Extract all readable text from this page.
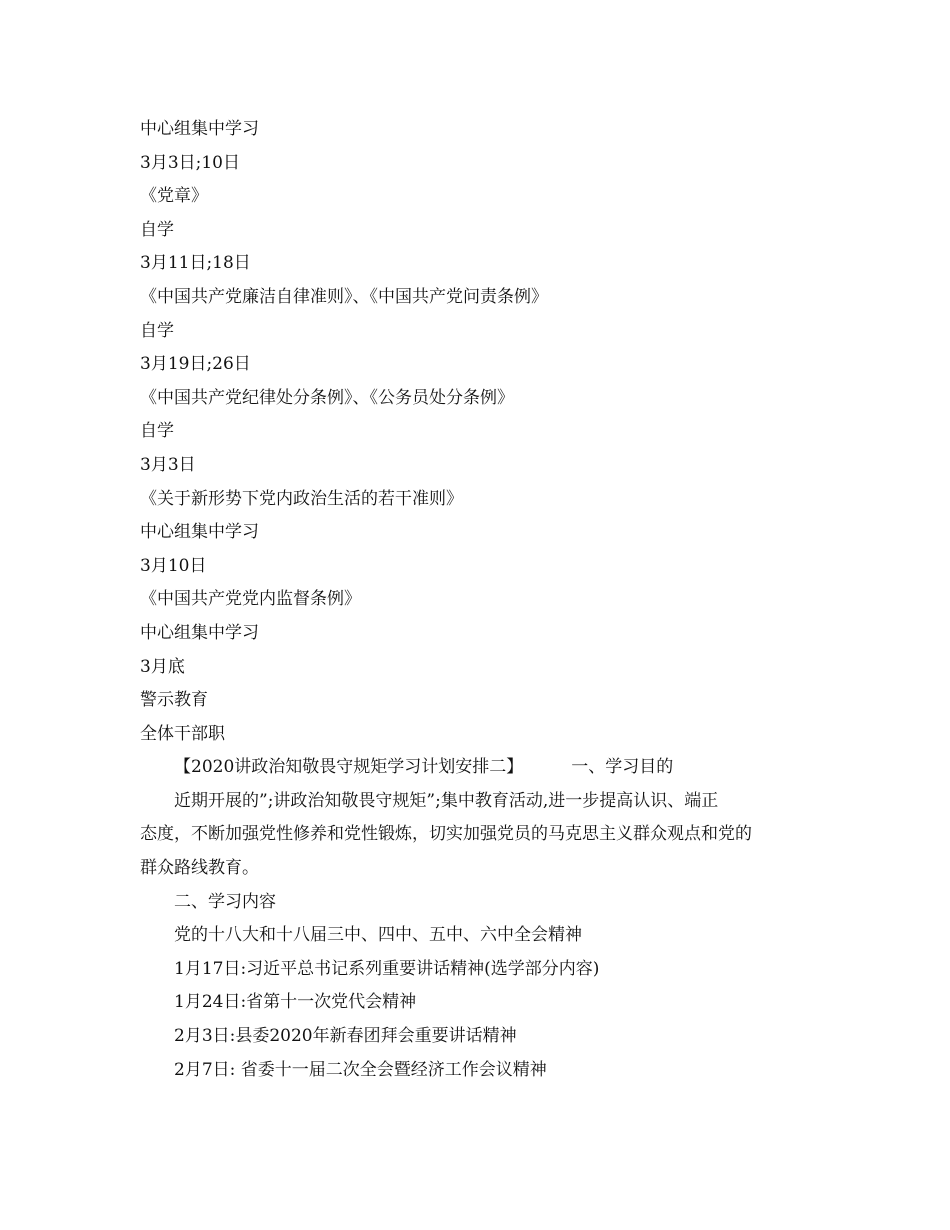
中心组集中学习
3月3日;10日
《党章》
自学
3月11日;18日
《中国共产党廉洁自律准则》、《中国共产党问责条例》
自学
3月19日;26日
《中国共产党纪律处分条例》、《公务员处分条例》
自学
3月3日
《关于新形势下党内政治生活的若干准则》
中心组集中学习
3月10日
《中国共产党党内监督条例》
中心组集中学习
3月底
警示教育
全体干部职
【2020讲政治知敬畏守规矩学习计划安排二】	一、学习目的
近期开展的”;讲政治知敬畏守规矩”;集中教育活动,进一步提高认识、端正
态度，不断加强党性修养和党性锻炼，切实加强党员的马克思主义群众观点和党的
群众路线教育。
二、学习内容
党的十八大和十八届三中、四中、五中、六中全会精神
1月17日:习近平总书记系列重要讲话精神(选学部分内容)
1月24日:省第十一次党代会精神
2月3日:县委2020年新春团拜会重要讲话精神
2月7日: 省委十一届二次全会暨经济工作会议精神
